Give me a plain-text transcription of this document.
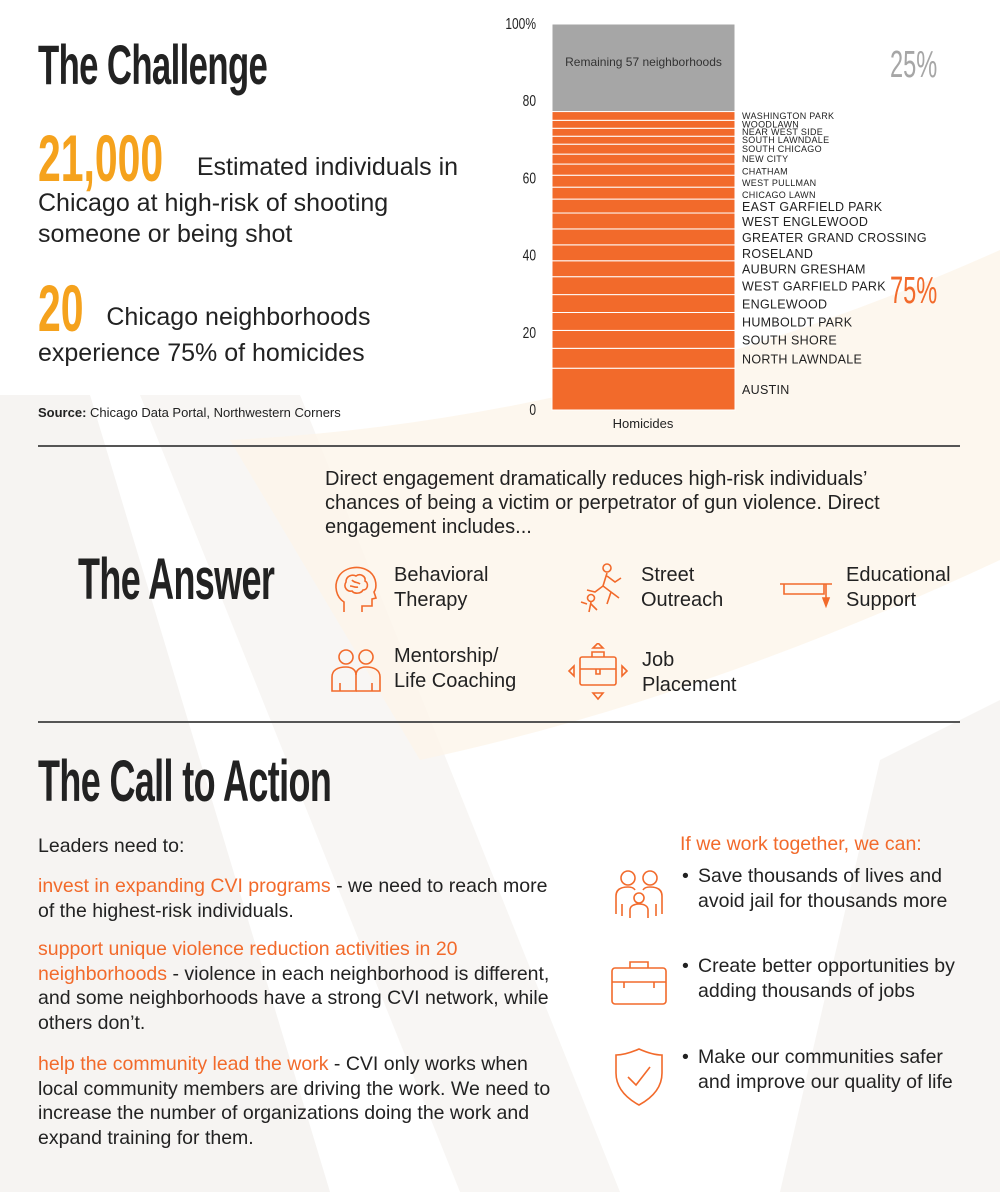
The Challenge
21,000 Estimated individuals in Chicago at high-risk of shooting someone or being shot
20 Chicago neighborhoods experience 75% of homicides
Source: Chicago Data Portal, Northwestern Corners	0
20
40
60
80
100%
AUSTIN
NORTH LAWNDALE
SOUTH SHORE
HUMBOLDT PARK
ENGLEWOOD
WEST GARFIELD PARK
AUBURN GRESHAM
ROSELAND
GREATER GRAND CROSSING
WEST ENGLEWOOD
EAST GARFIELD PARK
CHICAGO LAWN
WEST PULLMAN
CHATHAM
NEW CITY
SOUTH CHICAGO
SOUTH LAWNDALE
NEAR WEST SIDE
WOODLAWN
WASHINGTON PARK
Remaining 57 neighborhoods
Homicides
25%
75%
Direct engagement dramatically reduces high-risk individuals’ chances of being a victim or perpetrator of gun violence. Direct engagement includes...
The Answer	Behavioral
Therapy
Street
Outreach
Educational
Support
Mentorship/
Life Coaching
Job
Placement
The Call to Action
Leaders need to:
invest in expanding CVI programs - we need to reach more of the highest-risk individuals.
support unique violence reduction activities in 20 neighborhoods - violence in each neighborhood is different, and some neighborhoods have a strong CVI network, while others don’t.
help the community lead the work - CVI only works when local community members are driving the work. We need to increase the number of organizations doing the work and expand training for them.
If we work together, we can:
• Save thousands of lives and avoid jail for thousands more
• Create better opportunities by adding thousands of jobs
• Make our communities safer and improve our quality of life
